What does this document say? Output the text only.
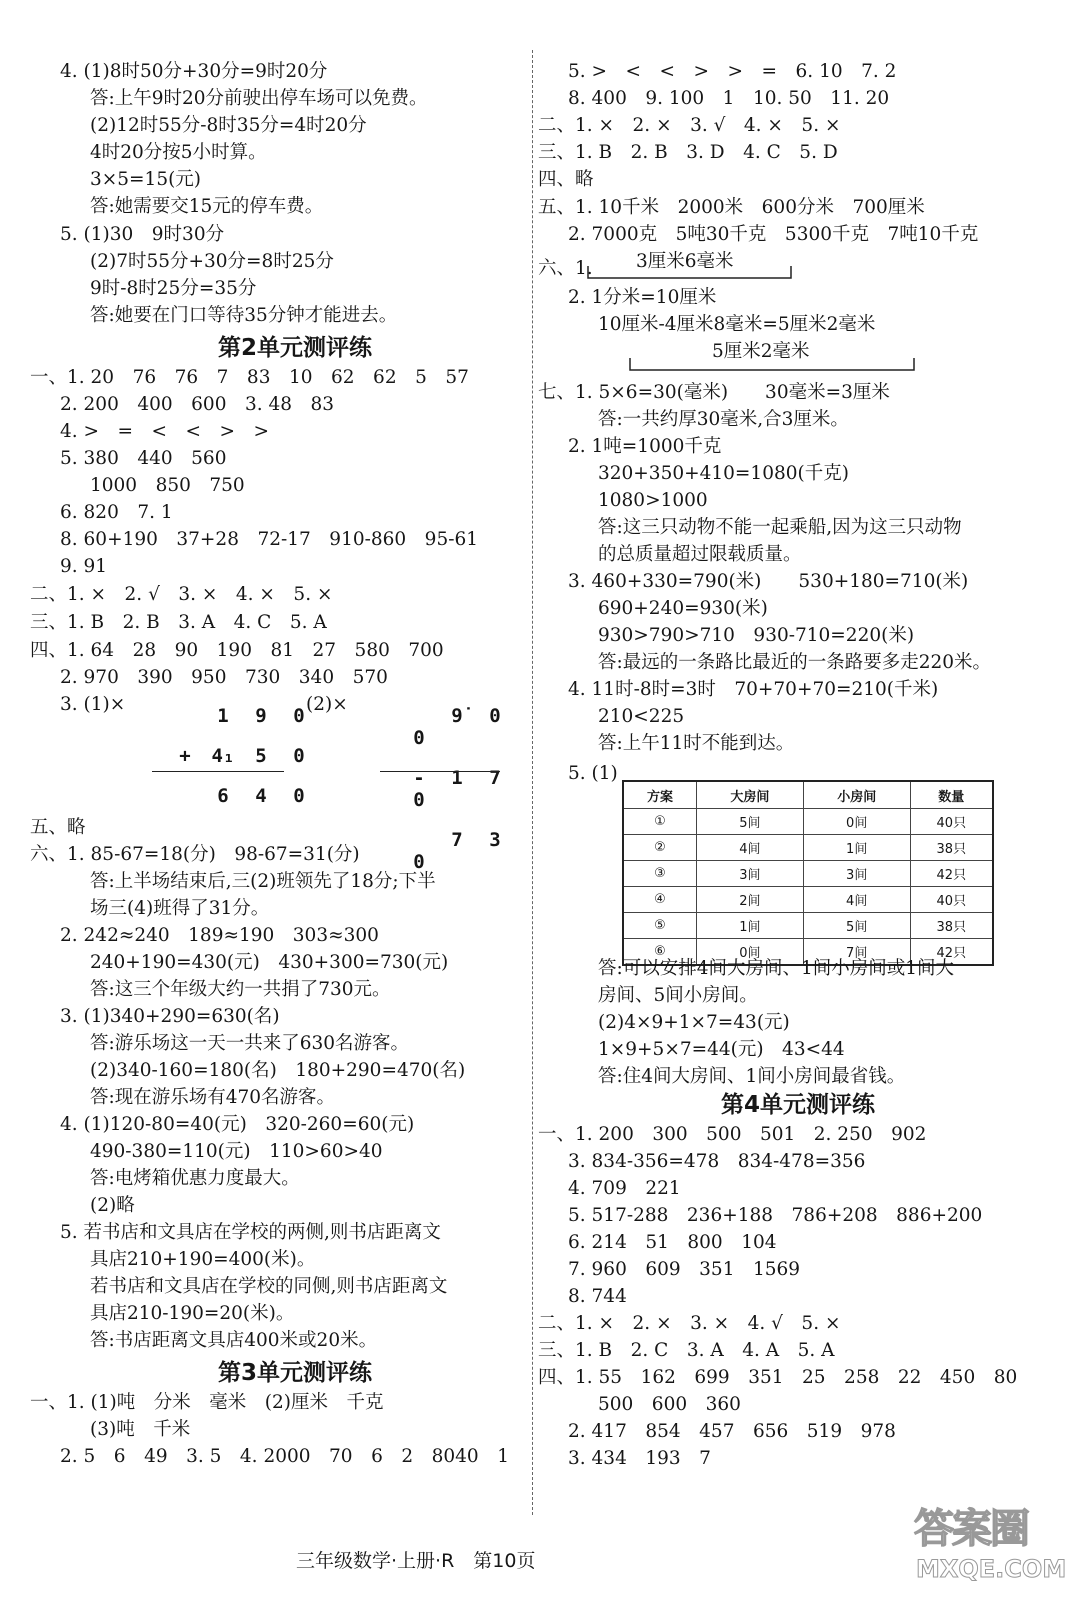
4. (1)8时50分+30分=9时20分
答:上午9时20分前驶出停车场可以免费。
(2)12时55分-8时35分=4时20分
4时20分按5小时算。
3×5=15(元)
答:她需要交15元的停车费。
5. (1)30　9时30分
(2)7时55分+30分=8时25分
9时-8时25分=35分
答:她要在门口等待35分钟才能进去。
第2单元测评练
一、1. 20　76　76　7　83　10　62　62　5　57
2. 200　400　600　3. 48　83
4. >　=　<　<　>　>
5. 380　440　560
1000　850　750
6. 820　7. 1
8. 60+190　37+28　72-17　910-860　95-61
9. 91
二、1. ×　2. √　3. ×　4. ×　5. ×
三、1. B　2. B　3. A　4. C　5. A
四、1. 64　28　90　190　81　27　580　700
2. 970　390　950　730　340　570
3. (1)×	(2)×
1 9 0
+ 4₁ 5 0
6 4 0
9̇ 00
- 1 70
7 30
五、略
六、1. 85-67=18(分)　98-67=31(分)
答:上半场结束后,三(2)班领先了18分;下半
场三(4)班得了31分。
2. 242≈240　189≈190　303≈300
240+190=430(元)　430+300=730(元)
答:这三个年级大约一共捐了730元。
3. (1)340+290=630(名)
答:游乐场这一天一共来了630名游客。
(2)340-160=180(名)　180+290=470(名)
答:现在游乐场有470名游客。
4. (1)120-80=40(元)　320-260=60(元)
490-380=110(元)　110>60>40
答:电烤箱优惠力度最大。
(2)略
5. 若书店和文具店在学校的两侧,则书店距离文
具店210+190=400(米)。
若书店和文具店在学校的同侧,则书店距离文
具店210-190=20(米)。
答:书店距离文具店400米或20米。
第3单元测评练
一、1. (1)吨　分米　毫米　(2)厘米　千克
(3)吨　千米
2. 5　6　49　3. 5　4. 2000　70　6　2　8040　1
5. >　<　<　>　>　=　6. 10　7. 2
8. 400　9. 100　1　10. 50　11. 20
二、1. ×　2. ×　3. √　4. ×　5. ×
三、1. B　2. B　3. D　4. C　5. D
四、略
五、1. 10千米　2000米　600分米　700厘米
2. 7000克　5吨30千克　5300千克　7吨10千克
六、1. 3厘米6毫米
2. 1分米=10厘米
10厘米-4厘米8毫米=5厘米2毫米
5厘米2毫米
七、1. 5×6=30(毫米)　　30毫米=3厘米
答:一共约厚30毫米,合3厘米。
2. 1吨=1000千克
320+350+410=1080(千克)
1080>1000
答:这三只动物不能一起乘船,因为这三只动物
的总质量超过限载质量。
3. 460+330=790(米)　　530+180=710(米)
690+240=930(米)
930>790>710　930-710=220(米)
答:最远的一条路比最近的一条路要多走220米。
4. 11时-8时=3时　70+70+70=210(千米)
210<225
答:上午11时不能到达。
5. (1)
方案	大房间	小房间	数量
①	5间	0间	40只
②	4间	1间	38只
③	3间	3间	42只
④	2间	4间	40只
⑤	1间	5间	38只
⑥	0间	7间	42只
答:可以安排4间大房间、1间小房间或1间大
房间、5间小房间。
(2)4×9+1×7=43(元)
1×9+5×7=44(元)　43<44
答:住4间大房间、1间小房间最省钱。
第4单元测评练
一、1. 200　300　500　501　2. 250　902
3. 834-356=478　834-478=356
4. 709　221
5. 517-288　236+188　786+208　886+200
6. 214　51　800　104
7. 960　609　351　1569
8. 744
二、1. ×　2. ×　3. ×　4. √　5. ×
三、1. B　2. C　3. A　4. A　5. A
四、1. 55　162　699　351　25　258　22　450　80
500　600　360
2. 417　854　457　656　519　978
3. 434　193　7
三年级数学·上册·R　第10页
答案圈
MXQE.COM
